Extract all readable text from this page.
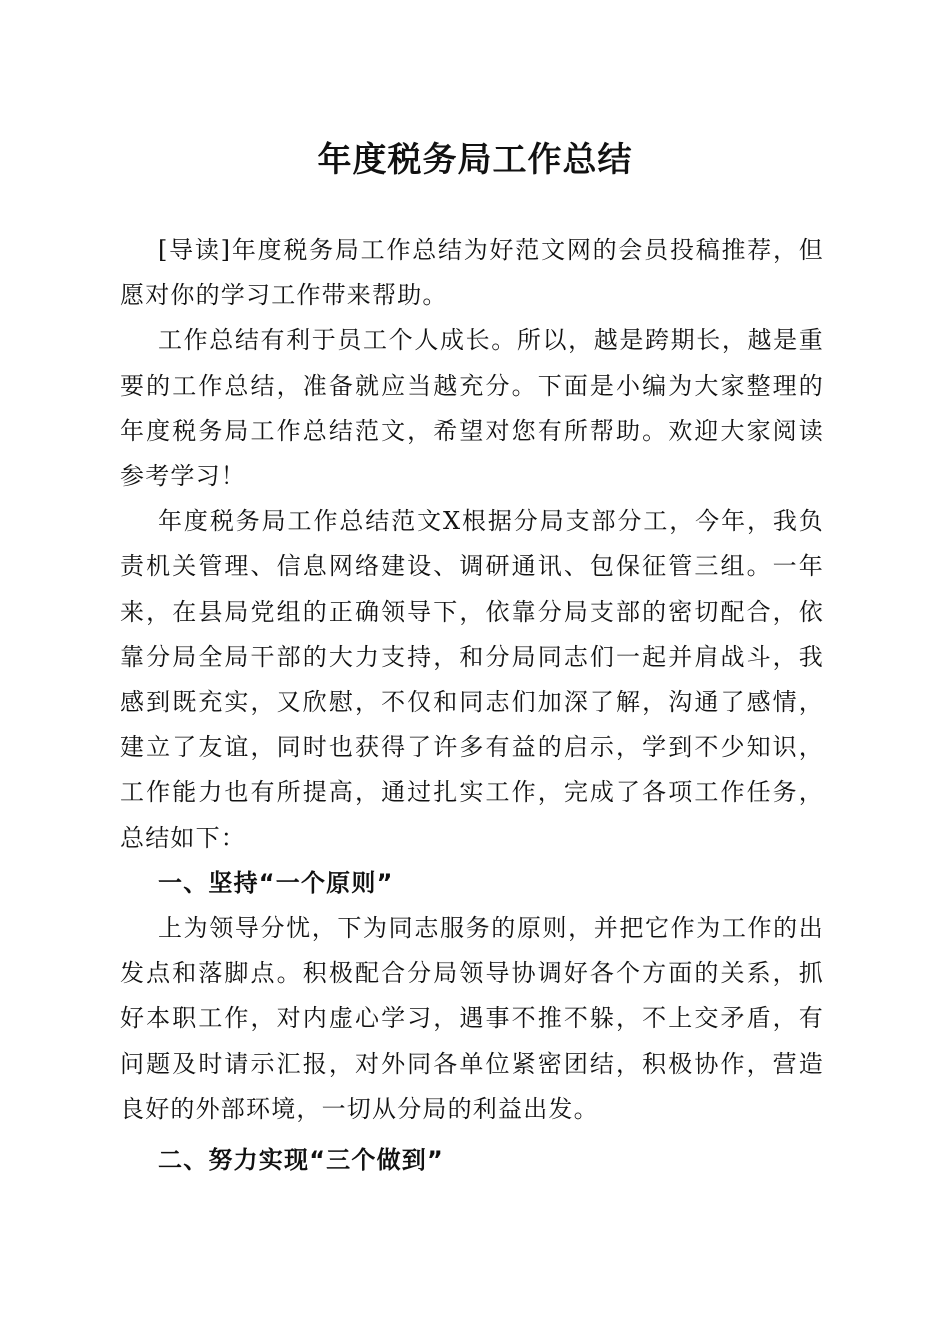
年度税务局工作总结

[导读]年度税务局工作总结为好范文网的会员投稿推荐，但愿对你的学习工作带来帮助。

工作总结有利于员工个人成长。所以，越是跨期长，越是重要的工作总结，准备就应当越充分。下面是小编为大家整理的年度税务局工作总结范文，希望对您有所帮助。欢迎大家阅读参考学习！

年度税务局工作总结范文X根据分局支部分工，今年，我负责机关管理、信息网络建设、调研通讯、包保征管三组。一年来，在县局党组的正确领导下，依靠分局支部的密切配合，依靠分局全局干部的大力支持，和分局同志们一起并肩战斗，我感到既充实，又欣慰，不仅和同志们加深了解，沟通了感情，建立了友谊，同时也获得了许多有益的启示，学到不少知识，工作能力也有所提高，通过扎实工作，完成了各项工作任务，总结如下：

一、坚持“一个原则”

上为领导分忧，下为同志服务的原则，并把它作为工作的出发点和落脚点。积极配合分局领导协调好各个方面的关系，抓好本职工作，对内虚心学习，遇事不推不躲，不上交矛盾，有问题及时请示汇报，对外同各单位紧密团结，积极协作，营造良好的外部环境，一切从分局的利益出发。

二、努力实现“三个做到”
